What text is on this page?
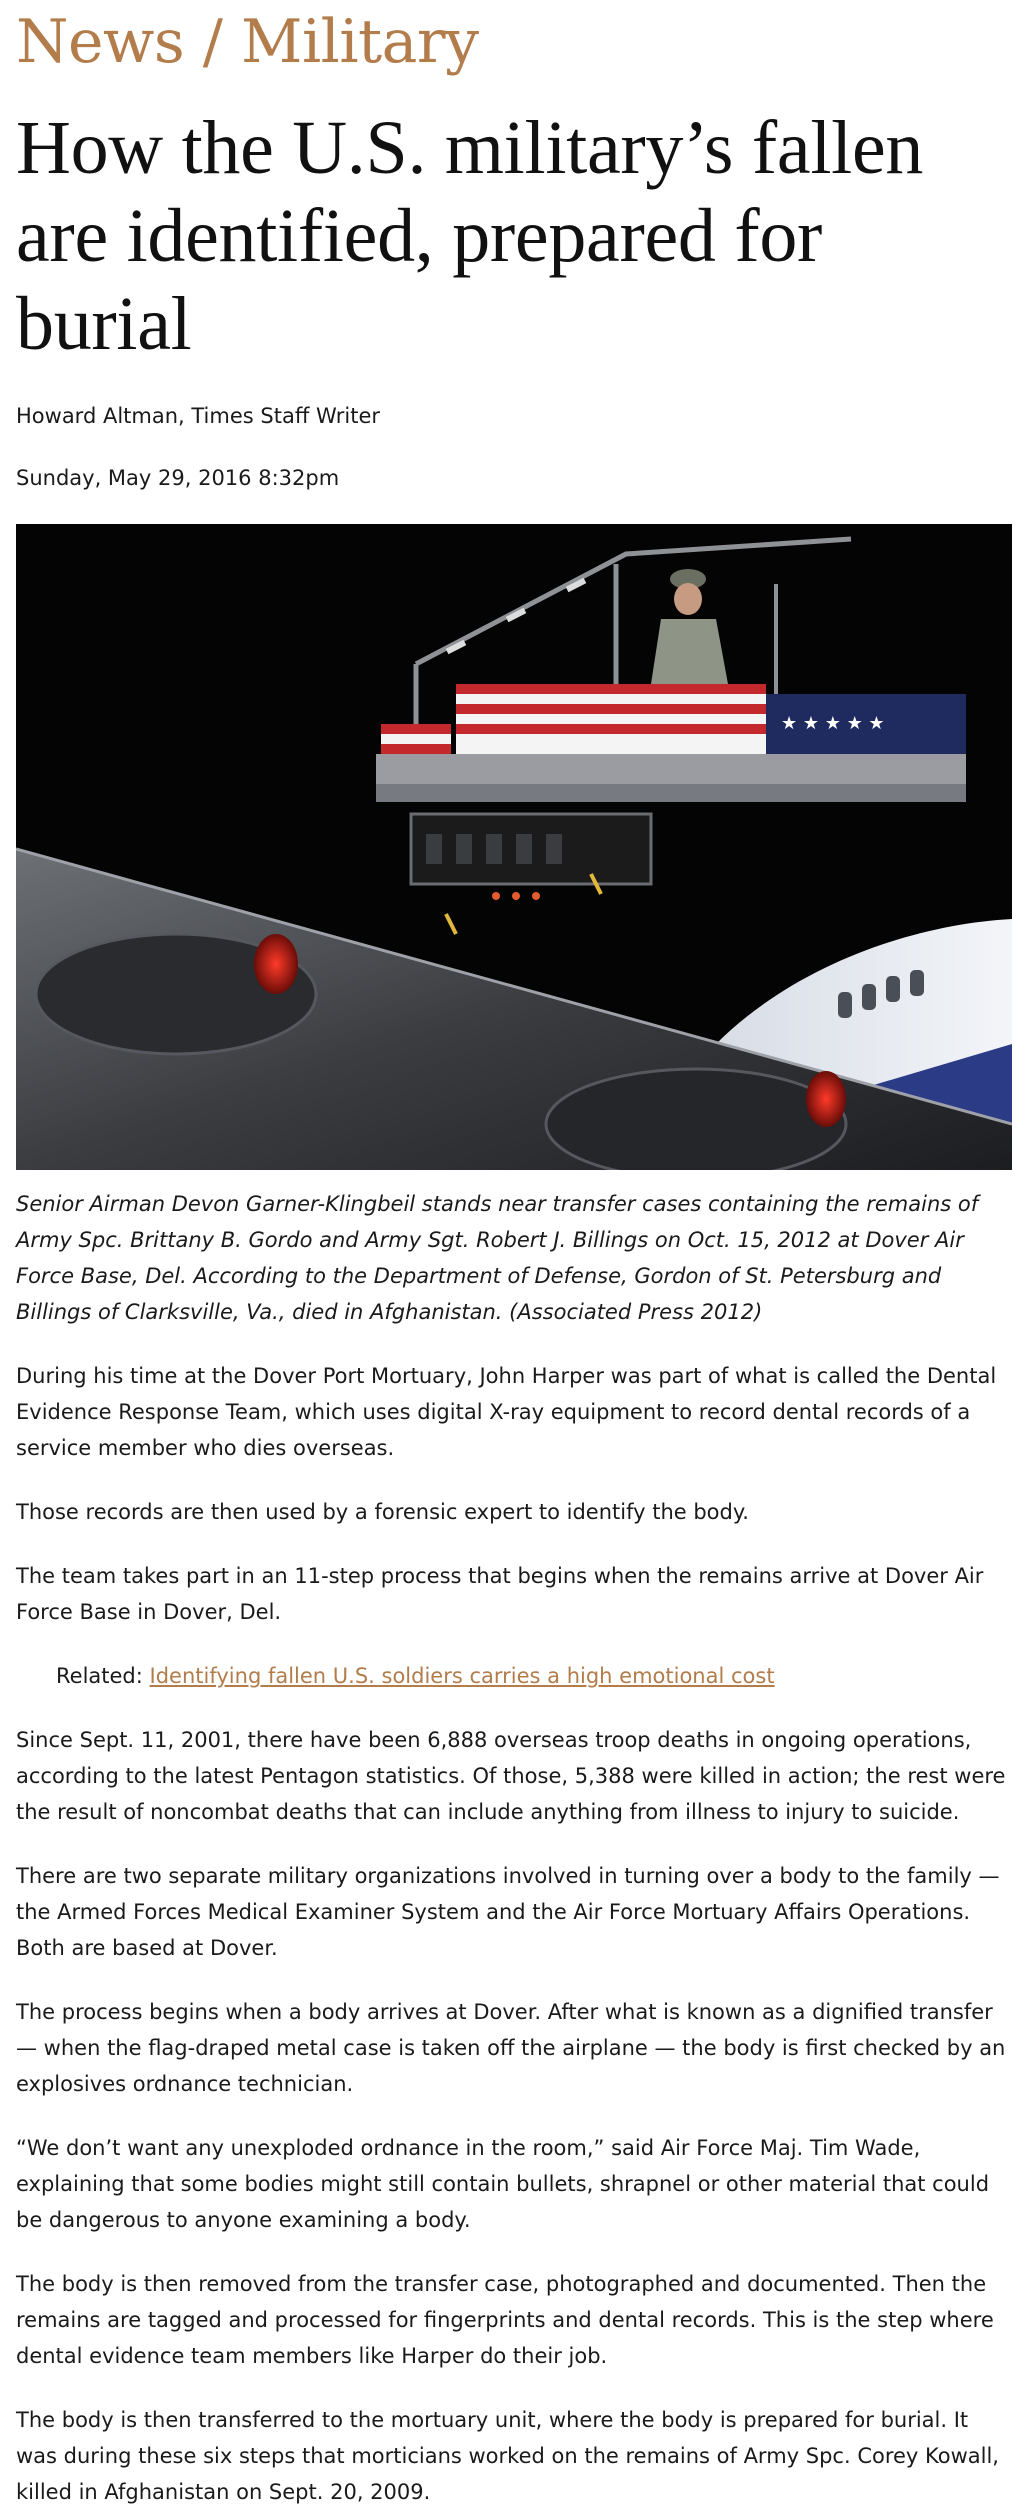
News / Military
How the U.S. military’s fallen are identified, prepared for burial
Howard Altman, Times Staff Writer
Sunday, May 29, 2016 8:32pm
★ ★ ★ ★ ★
Senior Airman Devon Garner-Klingbeil stands near transfer cases containing the remains of Army Spc. Brittany B. Gordo and Army Sgt. Robert J. Billings on Oct. 15, 2012 at Dover Air Force Base, Del. According to the Department of Defense, Gordon of St. Petersburg and Billings of Clarksville, Va., died in Afghanistan. (Associated Press 2012)

During his time at the Dover Port Mortuary, John Harper was part of what is called the Dental Evidence Response Team, which uses digital X-ray equipment to record dental records of a service member who dies overseas.

Those records are then used by a forensic expert to identify the body.

The team takes part in an 11-step process that begins when the remains arrive at Dover Air Force Base in Dover, Del.

Related: Identifying fallen U.S. soldiers carries a high emotional cost

Since Sept. 11, 2001, there have been 6,888 overseas troop deaths in ongoing operations, according to the latest Pentagon statistics. Of those, 5,388 were killed in action; the rest were the result of noncombat deaths that can include anything from illness to injury to suicide.

There are two separate military organizations involved in turning over a body to the family — the Armed Forces Medical Examiner System and the Air Force Mortuary Affairs Operations. Both are based at Dover.

The process begins when a body arrives at Dover. After what is known as a dignified transfer — when the flag-draped metal case is taken off the airplane — the body is first checked by an explosives ordnance technician.

“We don’t want any unexploded ordnance in the room,” said Air Force Maj. Tim Wade, explaining that some bodies might still contain bullets, shrapnel or other material that could be dangerous to anyone examining a body.

The body is then removed from the transfer case, photographed and documented. Then the remains are tagged and processed for fingerprints and dental records. This is the step where dental evidence team members like Harper do their job.

The body is then transferred to the mortuary unit, where the body is prepared for burial. It was during these six steps that morticians worked on the remains of Army Spc. Corey Kowall, killed in Afghanistan on Sept. 20, 2009.
